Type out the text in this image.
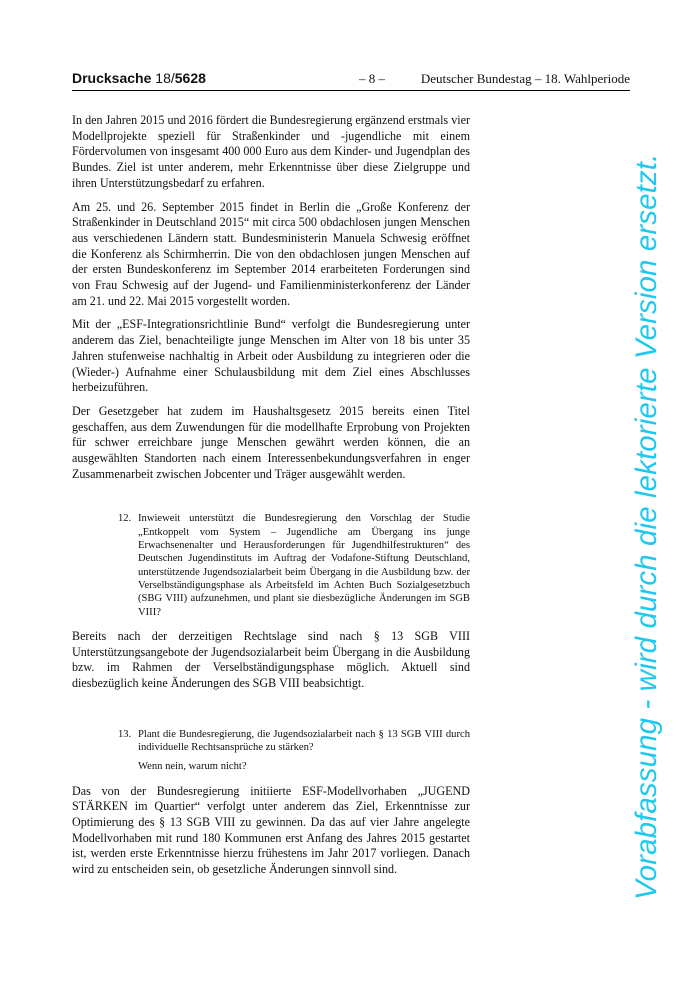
Drucksache 18/5628	– 8 –	Deutscher Bundestag – 18. Wahlperiode

In den Jahren 2015 und 2016 fördert die Bundesregierung ergänzend erstmals vier Modellprojekte speziell für Straßenkinder und -jugendliche mit einem Fördervolumen von insgesamt 400 000 Euro aus dem Kinder- und Jugendplan des Bundes. Ziel ist unter anderem, mehr Erkenntnisse über diese Zielgruppe und ihren Unterstützungsbedarf zu erfahren.

Am 25. und 26. September 2015 findet in Berlin die „Große Konferenz der Straßenkinder in Deutschland 2015“ mit circa 500 obdachlosen jungen Menschen aus verschiedenen Ländern statt. Bundesministerin Manuela Schwesig eröffnet die Konferenz als Schirmherrin. Die von den obdachlosen jungen Menschen auf der ersten Bundeskonferenz im September 2014 erarbeiteten Forderungen sind von Frau Schwesig auf der Jugend- und Familienministerkonferenz der Länder am 21. und 22. Mai 2015 vorgestellt worden.

Mit der „ESF-Integrationsrichtlinie Bund“ verfolgt die Bundesregierung unter anderem das Ziel, benachteiligte junge Menschen im Alter von 18 bis unter 35 Jahren stufenweise nachhaltig in Arbeit oder Ausbildung zu integrieren oder die (Wieder-) Aufnahme einer Schulausbildung mit dem Ziel eines Abschlusses herbeizuführen.

Der Gesetzgeber hat zudem im Haushaltsgesetz 2015 bereits einen Titel geschaffen, aus dem Zuwendungen für die modellhafte Erprobung von Projekten für schwer erreichbare junge Menschen gewährt werden können, die an ausgewählten Standorten nach einem Interessenbekundungsverfahren in enger Zusammenarbeit zwischen Jobcenter und Träger ausgewählt werden.

12. Inwieweit unterstützt die Bundesregierung den Vorschlag der Studie „Entkoppelt vom System – Jugendliche am Übergang ins junge Erwachsenenalter und Herausforderungen für Jugendhilfestrukturen“ des Deutschen Jugendinstituts im Auftrag der Vodafone-Stiftung Deutschland, unterstützende Jugendsozialarbeit beim Übergang in die Ausbildung bzw. der Verselbständigungsphase als Arbeitsfeld im Achten Buch Sozialgesetzbuch (SBG VIII) aufzunehmen, und plant sie diesbezügliche Änderungen im SGB VIII?

Bereits nach der derzeitigen Rechtslage sind nach § 13 SGB VIII Unterstützungsangebote der Jugendsozialarbeit beim Übergang in die Ausbildung bzw. im Rahmen der Verselbständigungsphase möglich. Aktuell sind diesbezüglich keine Änderungen des SGB VIII beabsichtigt.

13. Plant die Bundesregierung, die Jugendsozialarbeit nach § 13 SGB VIII durch individuelle Rechtsansprüche zu stärken?
Wenn nein, warum nicht?

Das von der Bundesregierung initiierte ESF-Modellvorhaben „JUGEND STÄRKEN im Quartier“ verfolgt unter anderem das Ziel, Erkenntnisse zur Optimierung des § 13 SGB VIII zu gewinnen. Da das auf vier Jahre angelegte Modellvorhaben mit rund 180 Kommunen erst Anfang des Jahres 2015 gestartet ist, werden erste Erkenntnisse hierzu frühestens im Jahr 2017 vorliegen. Danach wird zu entscheiden sein, ob gesetzliche Änderungen sinnvoll sind.	Vorabfassung - wird durch die lektorierte Version ersetzt.
